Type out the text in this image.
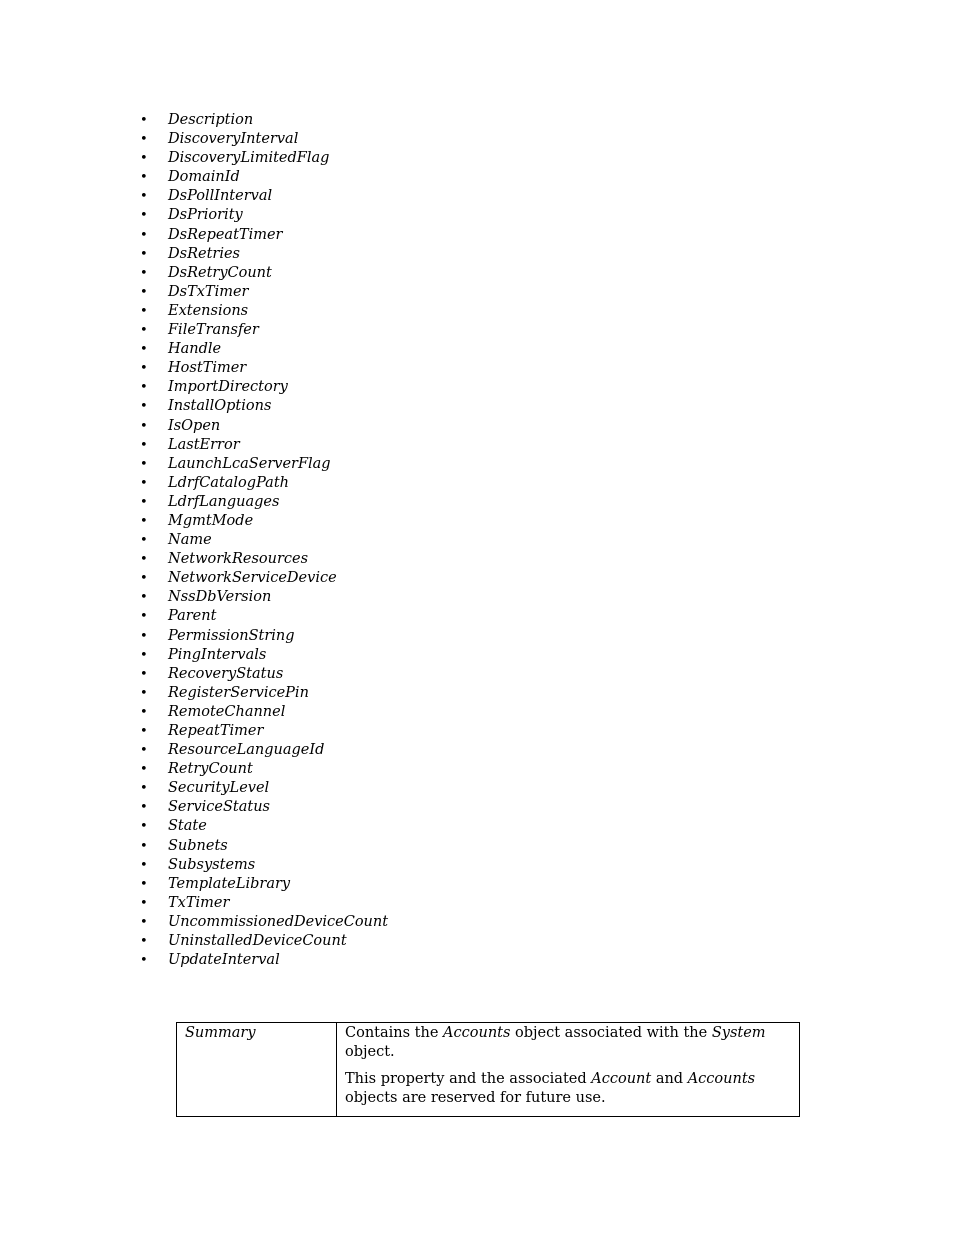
• Description
• DiscoveryInterval
• DiscoveryLimitedFlag
• DomainId
• DsPollInterval
• DsPriority
• DsRepeatTimer
• DsRetries
• DsRetryCount
• DsTxTimer
• Extensions
• FileTransfer
• Handle
• HostTimer
• ImportDirectory
• InstallOptions
• IsOpen
• LastError
• LaunchLcaServerFlag
• LdrfCatalogPath
• LdrfLanguages
• MgmtMode
• Name
• NetworkResources
• NetworkServiceDevice
• NssDbVersion
• Parent
• PermissionString
• PingIntervals
• RecoveryStatus
• RegisterServicePin
• RemoteChannel
• RepeatTimer
• ResourceLanguageId
• RetryCount
• SecurityLevel
• ServiceStatus
• State
• Subnets
• Subsystems
• TemplateLibrary
• TxTimer
• UncommissionedDeviceCount
• UninstalledDeviceCount
• UpdateInterval
Summary	Contains the Accounts object associated with the System object.

This property and the associated Account and Accounts objects are reserved for future use.
